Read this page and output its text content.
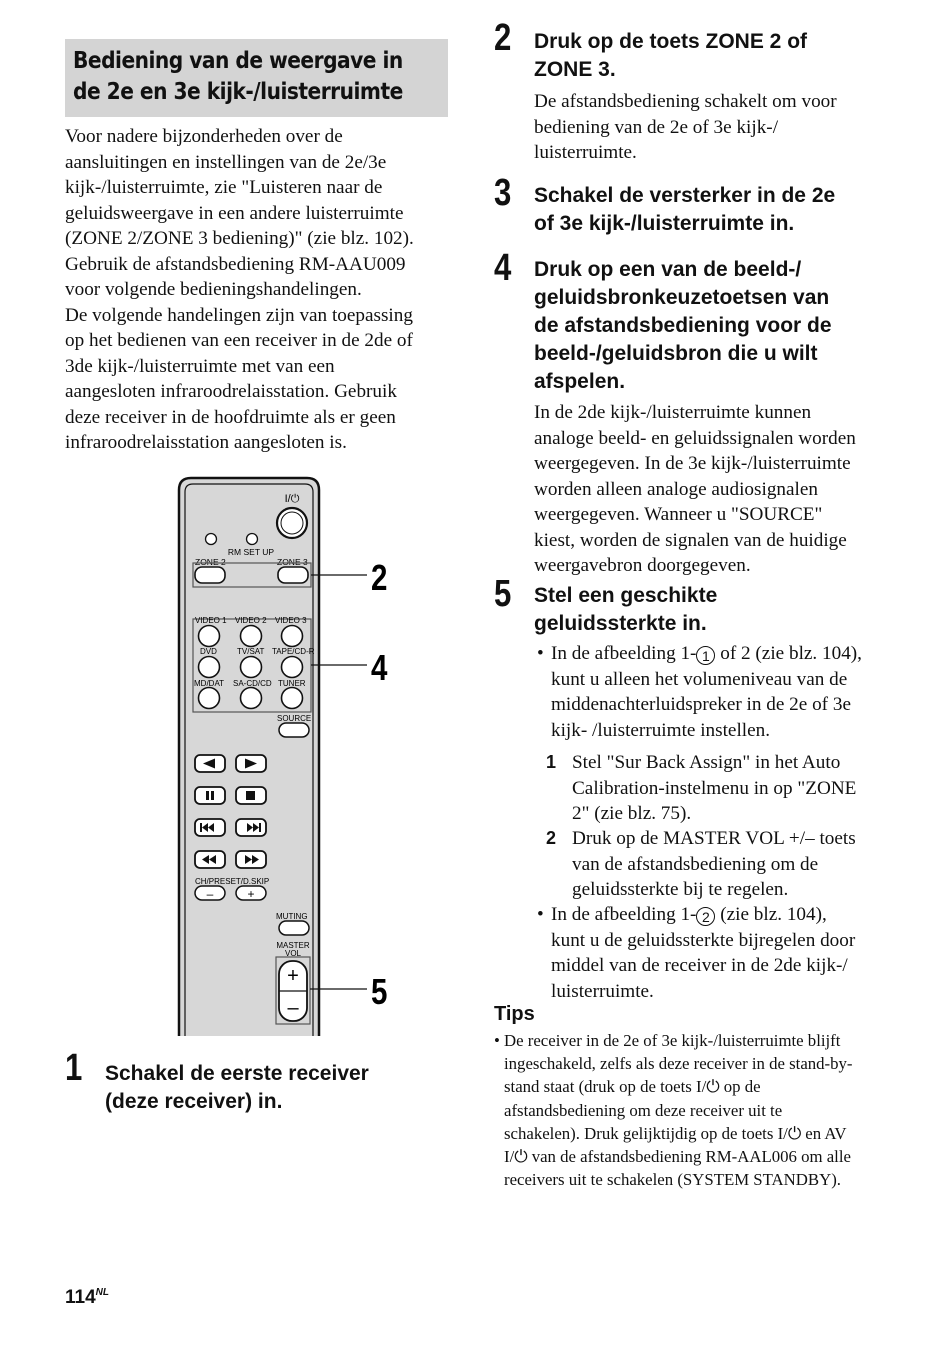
Bediening van de weergave in
de 2e en 3e kijk-/luisterruimte

Voor nadere bijzonderheden over de

aansluitingen en instellingen van de 2e/3e

kijk-/luisterruimte, zie "Luisteren naar de

geluidsweergave in een andere luisterruimte

(ZONE 2/ZONE 3 bediening)" (zie blz. 102).

Gebruik de afstandsbediening RM-AAU009

voor volgende bedieningshandelingen.

De volgende handelingen zijn van toepassing

op het bedienen van een receiver in de 2de of

3de kijk-/luisterruimte met van een

aangesloten infraroodrelaisstation. Gebruik

deze receiver in de hoofdruimte als er geen

infraroodrelaisstation aangesloten is.

I/⏻
RM SET UP
ZONE 2	ZONE 3 2
VIDEO 1 VIDEO 2 VIDEO 3
DVD	TV/SAT TAPE/CD-R
MD/DAT SA-CD/CD TUNER 4
SOURCE
CH/PRESET/D.SKIP
–	+
MUTING
MASTER
VOL
+
– 5
1 Schakel de eerste receiver
(deze receiver) in.
2 Druk op de toets ZONE 2 of
ZONE 3.
De afstandsbediening schakelt om voor
bediening van de 2e of 3e kijk-/
luisterruimte.
3 Schakel de versterker in de 2e
of 3e kijk-/luisterruimte in.
4 Druk op een van de beeld-/
geluidsbronkeuzetoetsen van
de afstandsbediening voor de
beeld-/geluidsbron die u wilt
afspelen.
In de 2de kijk-/luisterruimte kunnen
analoge beeld- en geluidssignalen worden
weergegeven. In de 3e kijk-/luisterruimte
worden alleen analoge audiosignalen
weergegeven. Wanneer u "SOURCE"
kiest, worden de signalen van de huidige
weergavebron doorgegeven.
5 Stel een geschikte
geluidssterkte in.
• In de afbeelding 1- 1 of 2 (zie blz. 104),
kunt u alleen het volumeniveau van de
middenachterluidspreker in de 2e of 3e
kijk- /luisterruimte instellen.
1 Stel "Sur Back Assign" in het Auto
Calibration-instelmenu in op "ZONE
2" (zie blz. 75).
2 Druk op de MASTER VOL +/– toets
van de afstandsbediening om de
geluidssterkte bij te regelen.
• In de afbeelding 1- 2 (zie blz. 104),
kunt u de geluidssterkte bijregelen door
middel van de receiver in de 2de kijk-/
luisterruimte.
Tips
• De receiver in de 2e of 3e kijk-/luisterruimte blijft
ingeschakeld, zelfs als deze receiver in de stand-by-
stand staat (druk op de toets I/⏻ op de
afstandsbediening om deze receiver uit te
schakelen). Druk gelijktijdig op de toets I/⏻ en AV
I/⏻ van de afstandsbediening RM-AAL006 om alle
receivers uit te schakelen (SYSTEM STANDBY).
$114^{NL}$
